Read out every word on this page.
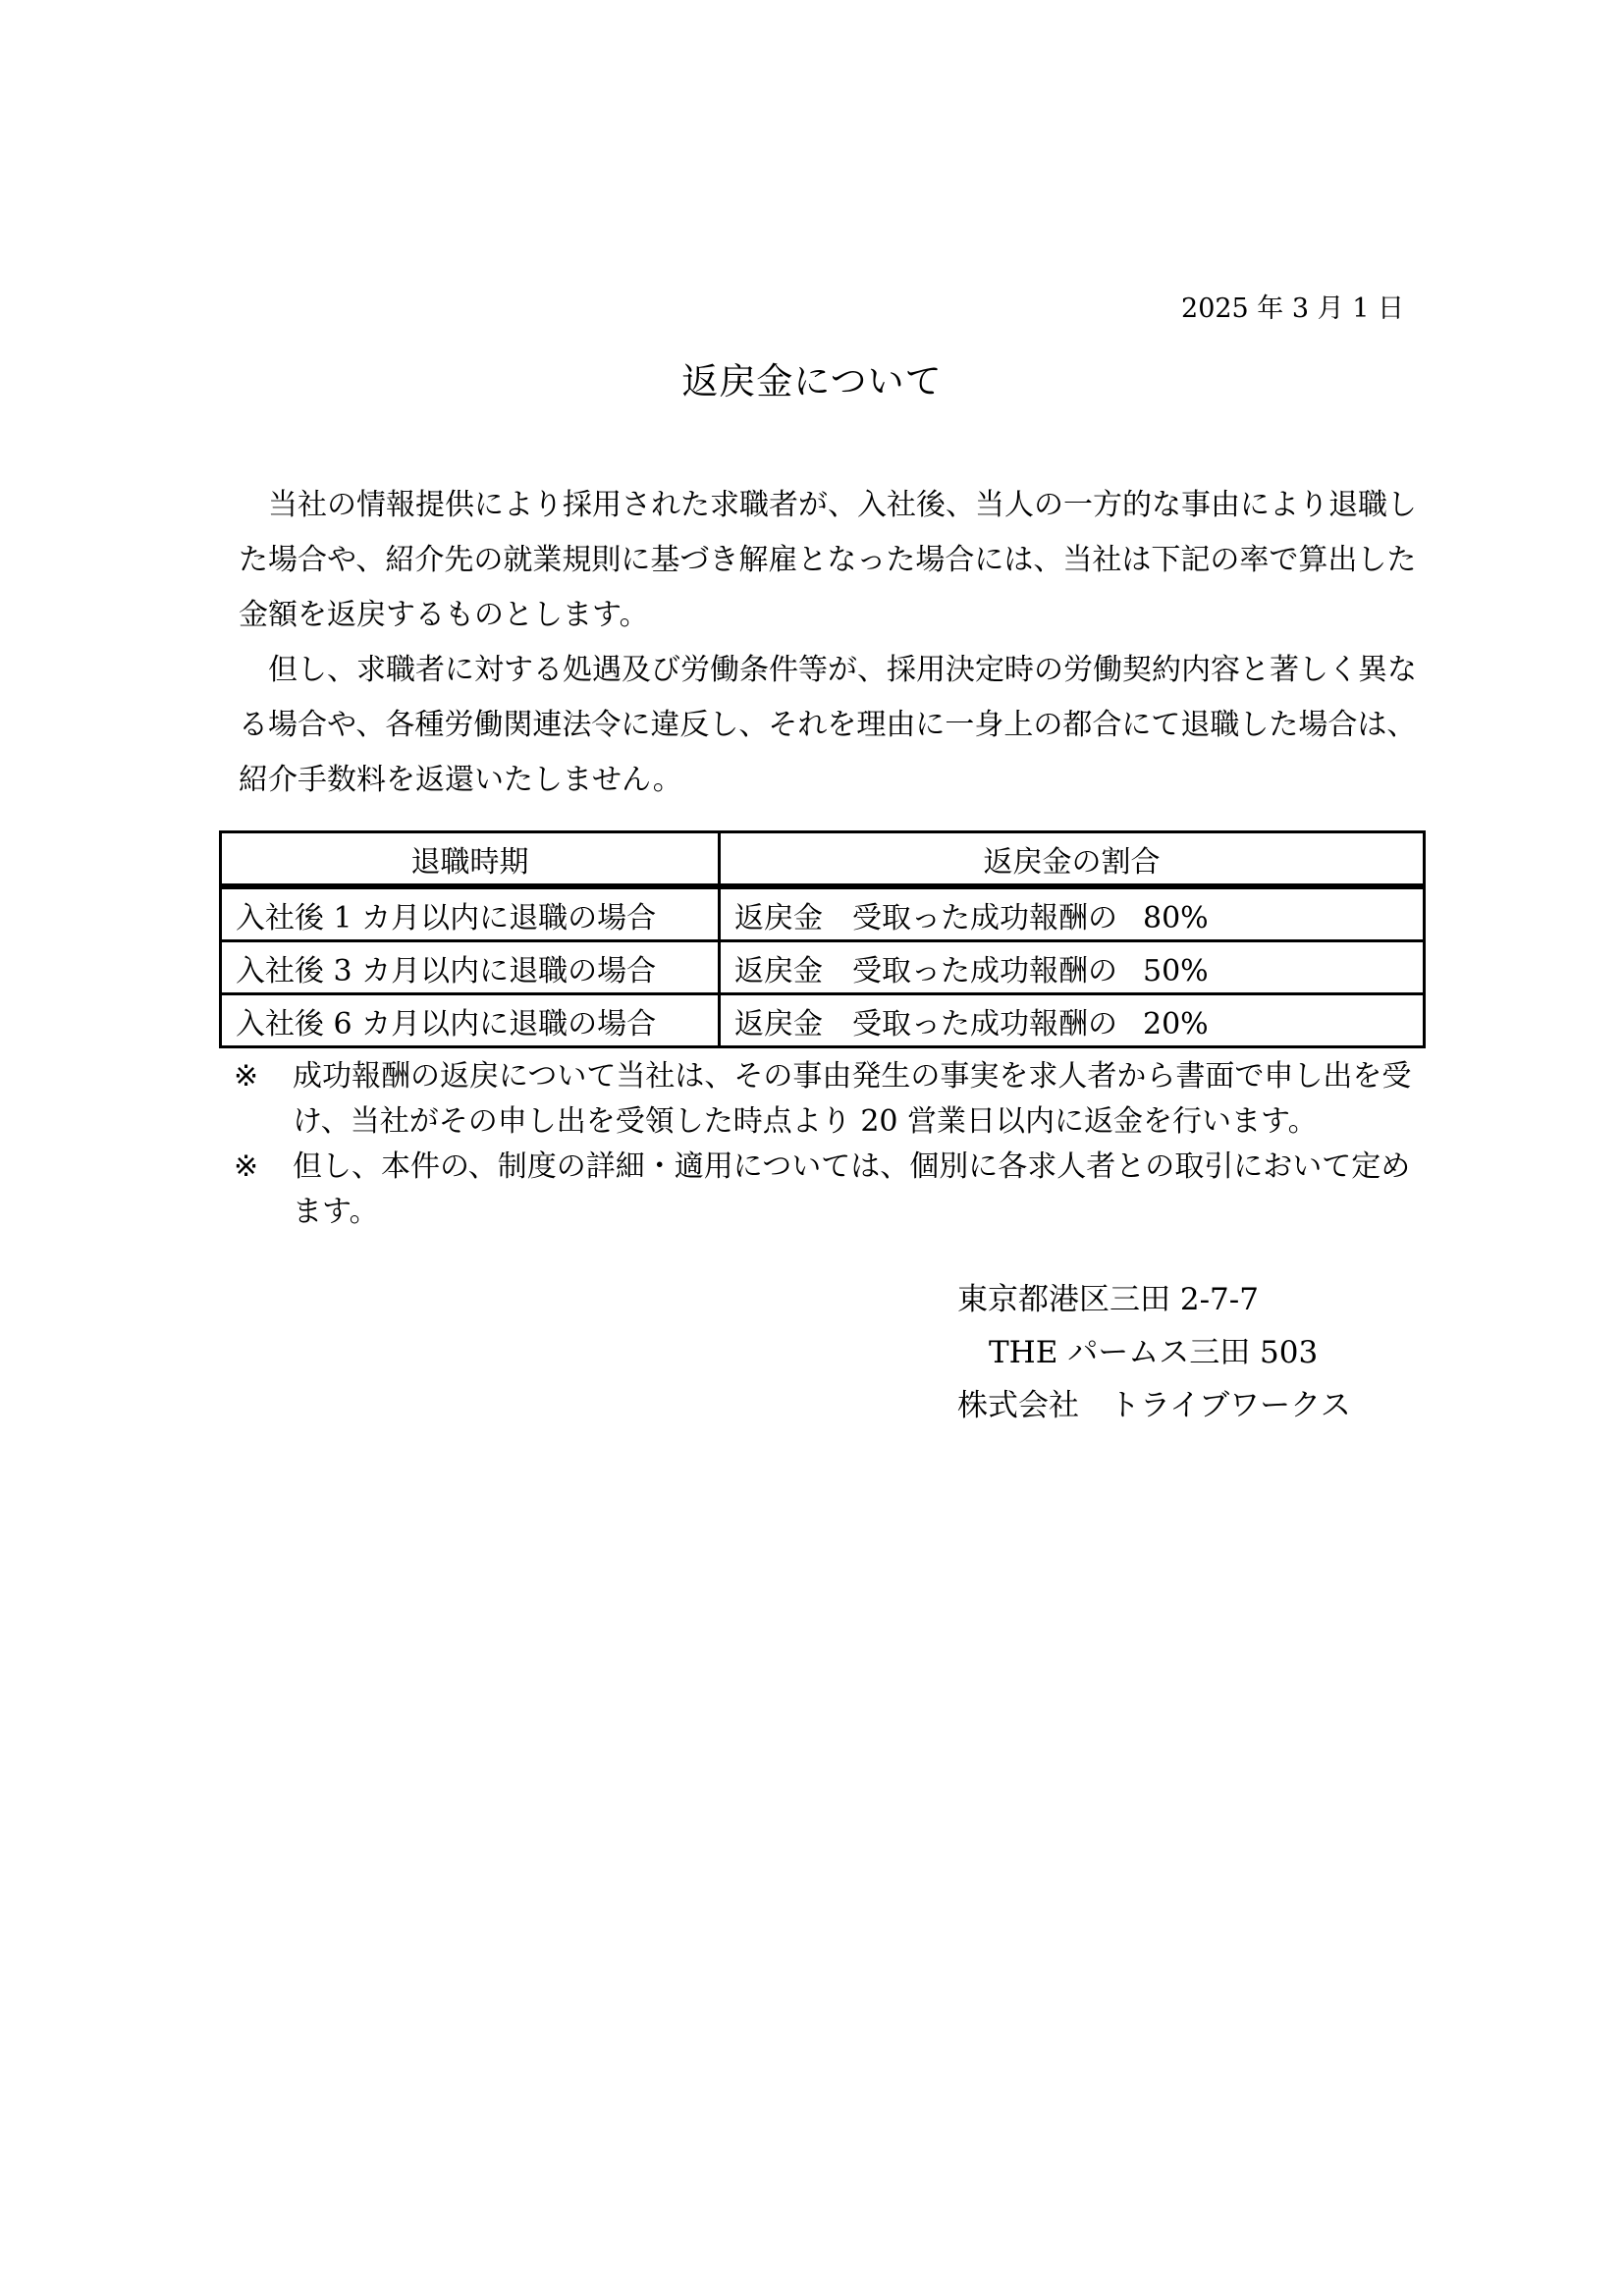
2025 年 3 月 1 日
返戻金について

　当社の情報提供により採用された求職者が、入社後、当人の一方的な事由により退職した場合や、紹介先の就業規則に基づき解雇となった場合には、当社は下記の率で算出した金額を返戻するものとします。

　但し、求職者に対する処遇及び労働条件等が、採用決定時の労働契約内容と著しく異なる場合や、各種労働関連法令に違反し、それを理由に一身上の都合にて退職した場合は、紹介手数料を返還いたしません。

退職時期	返戻金の割合
入社後 1 カ月以内に退職の場合	返戻金　受取った成功報酬の 80%
入社後 3 カ月以内に退職の場合	返戻金　受取った成功報酬の 50%
入社後 6 カ月以内に退職の場合	返戻金　受取った成功報酬の 20%
※	成功報酬の返戻について当社は、その事由発生の事実を求人者から書面で申し出を受け、当社がその申し出を受領した時点より 20 営業日以内に返金を行います。
※	但し、本件の、制度の詳細・適用については、個別に各求人者との取引において定めます。
東京都港区三田 2-7-7
THE パームス三田 503
株式会社　トライブワークス
